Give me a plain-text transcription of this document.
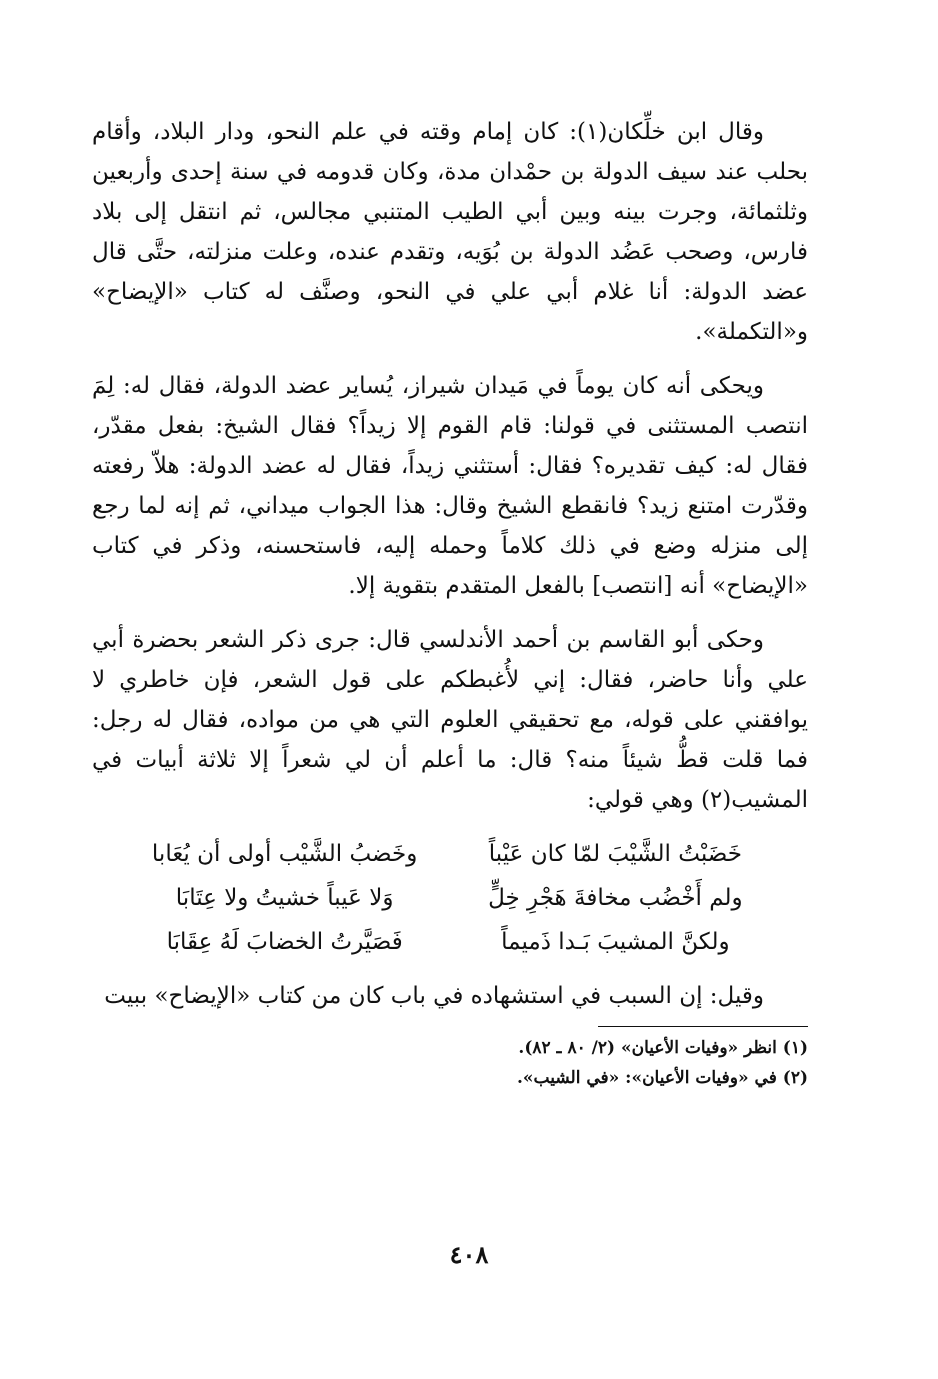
وقال ابن خلِّكان(١): كان إمام وقته في علم النحو، ودار البلاد، وأقام بحلب عند سيف الدولة بن حمْدان مدة، وكان قدومه في سنة إحدى وأربعين وثلثمائة، وجرت بينه وبين أبي الطيب المتنبي مجالس، ثم انتقل إلى بلاد فارس، وصحب عَضُد الدولة بن بُوَيه، وتقدم عنده، وعلت منزلته، حتَّى قال عضد الدولة: أنا غلام أبي علي في النحو، وصنَّف له كتاب «الإيضاح» و«التكملة».

ويحكى أنه كان يوماً في مَيدان شيراز، يُساير عضد الدولة، فقال له: لِمَ انتصب المستثنى في قولنا: قام القوم إلا زيداً؟ فقال الشيخ: بفعل مقدّر، فقال له: كيف تقديره؟ فقال: أستثني زيداً، فقال له عضد الدولة: هلاّ رفعته وقدّرت امتنع زيد؟ فانقطع الشيخ وقال: هذا الجواب ميداني، ثم إنه لما رجع إلى منزله وضع في ذلك كلاماً وحمله إليه، فاستحسنه، وذكر في كتاب «الإيضاح» أنه [انتصب] بالفعل المتقدم بتقوية إلا.

وحكى أبو القاسم بن أحمد الأندلسي قال: جرى ذكر الشعر بحضرة أبي علي وأنا حاضر، فقال: إني لأُغبطكم على قول الشعر، فإن خاطري لا يوافقني على قوله، مع تحقيقي العلوم التي هي من مواده، فقال له رجل: فما قلت قطُّ شيئاً منه؟ قال: ما أعلم أن لي شعراً إلا ثلاثة أبيات في المشيب(٢) وهي قولي:

خَضَبْتُ الشَّيْبَ لمّا كان عَيْباً
وخَضبُ الشَّيْب أولى أن يُعَابا
ولم أَخْضُب مخافةَ هَجْرِ خِلٍّ
وَلا عَيباً خشيتُ ولا عِتَابَا
ولكنَّ المشيبَ بَـدا ذَميماً
فَصَيَّرتُ الخضابَ لَهُ عِقَابَا

وقيل: إن السبب في استشهاده في باب كان من كتاب «الإيضاح» ببيت

(١) انظر «وفيات الأعيان» (٢/ ٨٠ ـ ٨٢).

(٢) في «وفيات الأعيان»: «في الشيب».

٤٠٨
